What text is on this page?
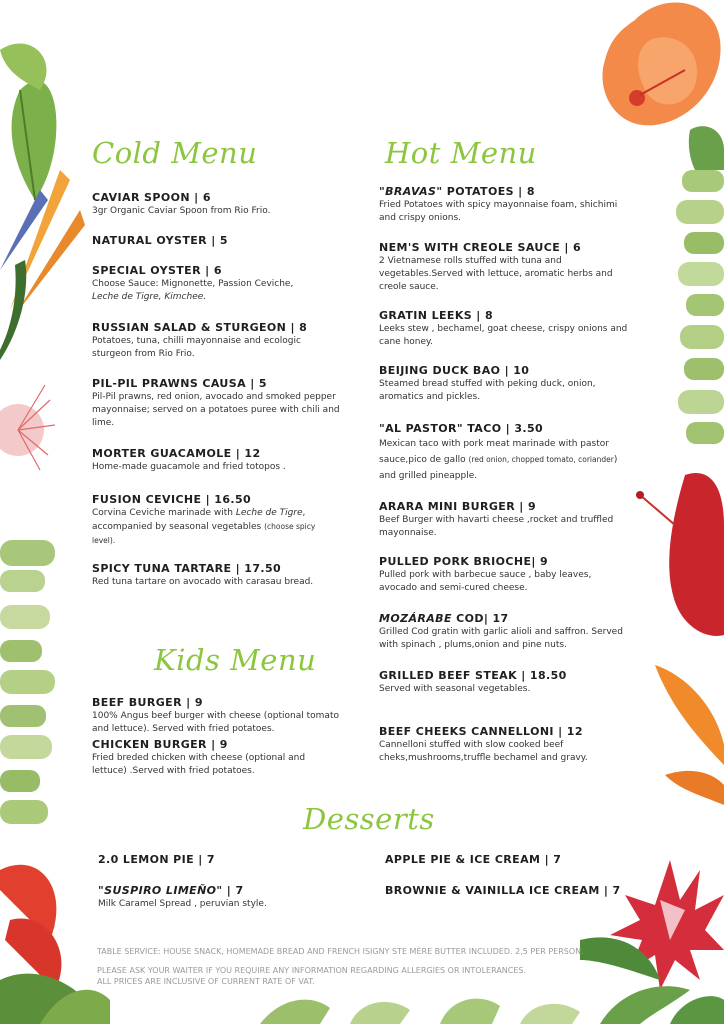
Cold Menu	Hot Menu
Kids Menu
Desserts
CAVIAR SPOON | 6
3gr Organic Caviar Spoon from Rio Frio.
NATURAL OYSTER | 5
SPECIAL OYSTER | 6
Choose Sauce: Mignonette, Passion Ceviche,
Leche de Tigre, Kimchee.
RUSSIAN SALAD & STURGEON | 8
Potatoes, tuna, chilli mayonnaise and ecologic sturgeon from Rio Frio.
PIL-PIL PRAWNS CAUSA | 5
Pil-Pil prawns, red onion, avocado and smoked pepper mayonnaise; served on a potatoes puree with chili and lime.
MORTER GUACAMOLE | 12
Home-made guacamole and fried totopos .
FUSION CEVICHE | 16.50
Corvina Ceviche marinade with Leche de Tigre, accompanied by seasonal vegetables (choose spicy level).
SPICY TUNA TARTARE | 17.50
Red tuna tartare on avocado with carasau bread.
BEEF BURGER | 9
100% Angus beef burger with cheese (optional tomato and lettuce). Served with fried potatoes.
CHICKEN BURGER | 9
Fried breded chicken with cheese (optional and lettuce) .Served with fried potatoes.
"BRAVAS" POTATOES | 8
Fried Potatoes with spicy mayonnaise foam, shichimi and crispy onions.
NEM'S WITH CREOLE SAUCE | 6
2 Vietnamese rolls stuffed with tuna and vegetables.Served with lettuce, aromatic herbs and creole sauce.
GRATIN LEEKS | 8
Leeks stew , bechamel, goat cheese, crispy onions and cane honey.
BEIJING DUCK BAO | 10
Steamed bread stuffed with peking duck, onion, aromatics and pickles.
"AL PASTOR" TACO | 3.50
Mexican taco with pork meat marinade with pastor sauce,pico de gallo (red onion, chopped tomato, coriander) and grilled pineapple.
ARARA MINI BURGER | 9
Beef Burger with havarti cheese ,rocket and truffled mayonnaise.
PULLED PORK BRIOCHE| 9
Pulled pork with barbecue sauce , baby leaves, avocado and semi-cured cheese.
MOZÁRABE COD| 17
Grilled Cod gratin with garlic alioli and saffron. Served with spinach , plums,onion and pine nuts.
GRILLED BEEF STEAK | 18.50
Served with seasonal vegetables.
BEEF CHEEKS CANNELLONI | 12
Cannelloni stuffed with slow cooked beef cheks,mushrooms,truffle bechamel and gravy.
2.0 LEMON PIE | 7
"SUSPIRO LIMEÑO" | 7
Milk Caramel Spread , peruvian style.
APPLE PIE & ICE CREAM | 7
BROWNIE & VAINILLA ICE CREAM | 7
TABLE SERVICE: HOUSE SNACK, HOMEMADE BREAD AND FRENCH ISIGNY STE MÈRE BUTTER INCLUDED. 2,5 PER PERSON.
PLEASE ASK YOUR WAITER IF YOU REQUIRE ANY INFORMATION REGARDING ALLERGIES OR INTOLERANCES.
ALL PRICES ARE INCLUSIVE OF CURRENT RATE OF VAT.
